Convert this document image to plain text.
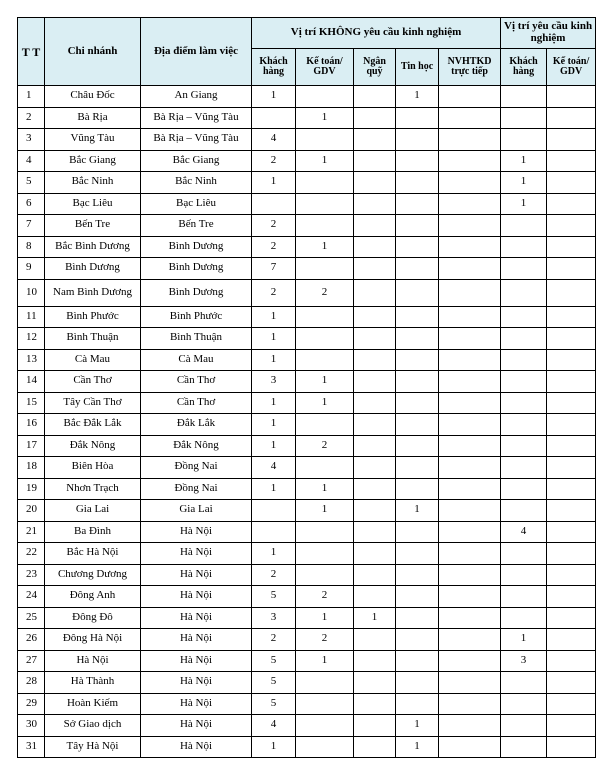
T T	Chi nhánh	Địa điểm làm việc	Vị trí KHÔNG yêu cầu kinh nghiệm					Vị trí yêu cầu kinh nghiệm	
			Khách hàng	Kế toán/ GDV	Ngân quỹ	Tin học	NVHTKD trực tiếp	Khách hàng	Kế toán/ GDV
1	Châu Đốc	An Giang	1			1			
2	Bà Rịa	Bà Rịa – Vũng Tàu		1					
3	Vũng Tàu	Bà Rịa – Vũng Tàu	4						
4	Bắc Giang	Bắc Giang	2	1				1	
5	Bắc Ninh	Bắc Ninh	1					1	
6	Bạc Liêu	Bạc Liêu						1	
7	Bến Tre	Bến Tre	2						
8	Bắc Bình Dương	Bình Dương	2	1					
9	Bình Dương	Bình Dương	7						
10	Nam Bình Dương	Bình Dương	2	2					
11	Bình Phước	Bình Phước	1						
12	Bình Thuận	Bình Thuận	1						
13	Cà Mau	Cà Mau	1						
14	Cần Thơ	Cần Thơ	3	1					
15	Tây Cần Thơ	Cần Thơ	1	1					
16	Bắc Đắk Lắk	Đắk Lắk	1						
17	Đắk Nông	Đắk Nông	1	2					
18	Biên Hòa	Đồng Nai	4						
19	Nhơn Trạch	Đồng Nai	1	1					
20	Gia Lai	Gia Lai		1		1			
21	Ba Đình	Hà Nội						4	
22	Bắc Hà Nội	Hà Nội	1						
23	Chương Dương	Hà Nội	2						
24	Đông Anh	Hà Nội	5	2					
25	Đông Đô	Hà Nội	3	1	1				
26	Đông Hà Nội	Hà Nội	2	2				1	
27	Hà Nội	Hà Nội	5	1				3	
28	Hà Thành	Hà Nội	5						
29	Hoàn Kiếm	Hà Nội	5						
30	Sở Giao dịch	Hà Nội	4			1			
31	Tây Hà Nội	Hà Nội	1			1			
